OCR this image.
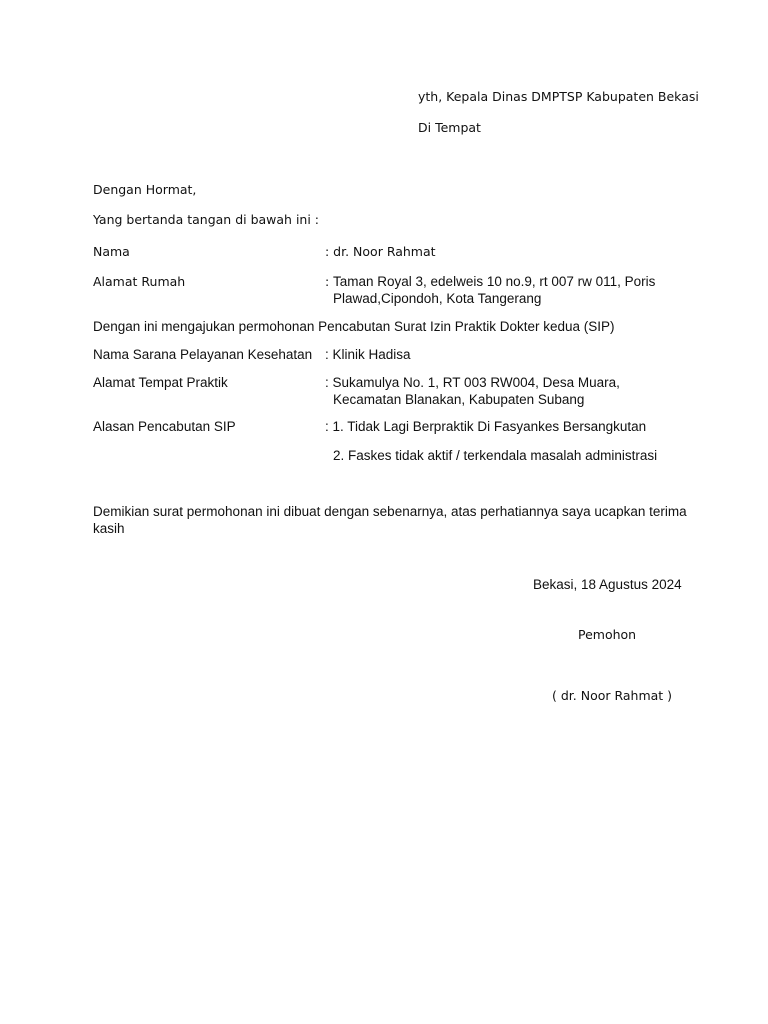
yth, Kepala Dinas DMPTSP Kabupaten Bekasi
Di Tempat
Dengan Hormat,
Yang bertanda tangan di bawah ini :
Nama	: dr. Noor Rahmat
Alamat Rumah	: Taman Royal 3, edelweis 10 no.9, rt 007 rw 011, Poris
Plawad,Cipondoh, Kota Tangerang
Dengan ini mengajukan permohonan Pencabutan Surat Izin Praktik Dokter kedua (SIP)
Nama Sarana Pelayanan Kesehatan : Klinik Hadisa
Alamat Tempat Praktik	: Sukamulya No. 1, RT 003 RW004, Desa Muara,
Kecamatan Blanakan, Kabupaten Subang
Alasan Pencabutan SIP	: 1. Tidak Lagi Berpraktik Di Fasyankes Bersangkutan
2. Faskes tidak aktif / terkendala masalah administrasi
Demikian surat permohonan ini dibuat dengan sebenarnya, atas perhatiannya saya ucapkan terima
kasih
Bekasi, 18 Agustus 2024
Pemohon
( dr. Noor Rahmat )
